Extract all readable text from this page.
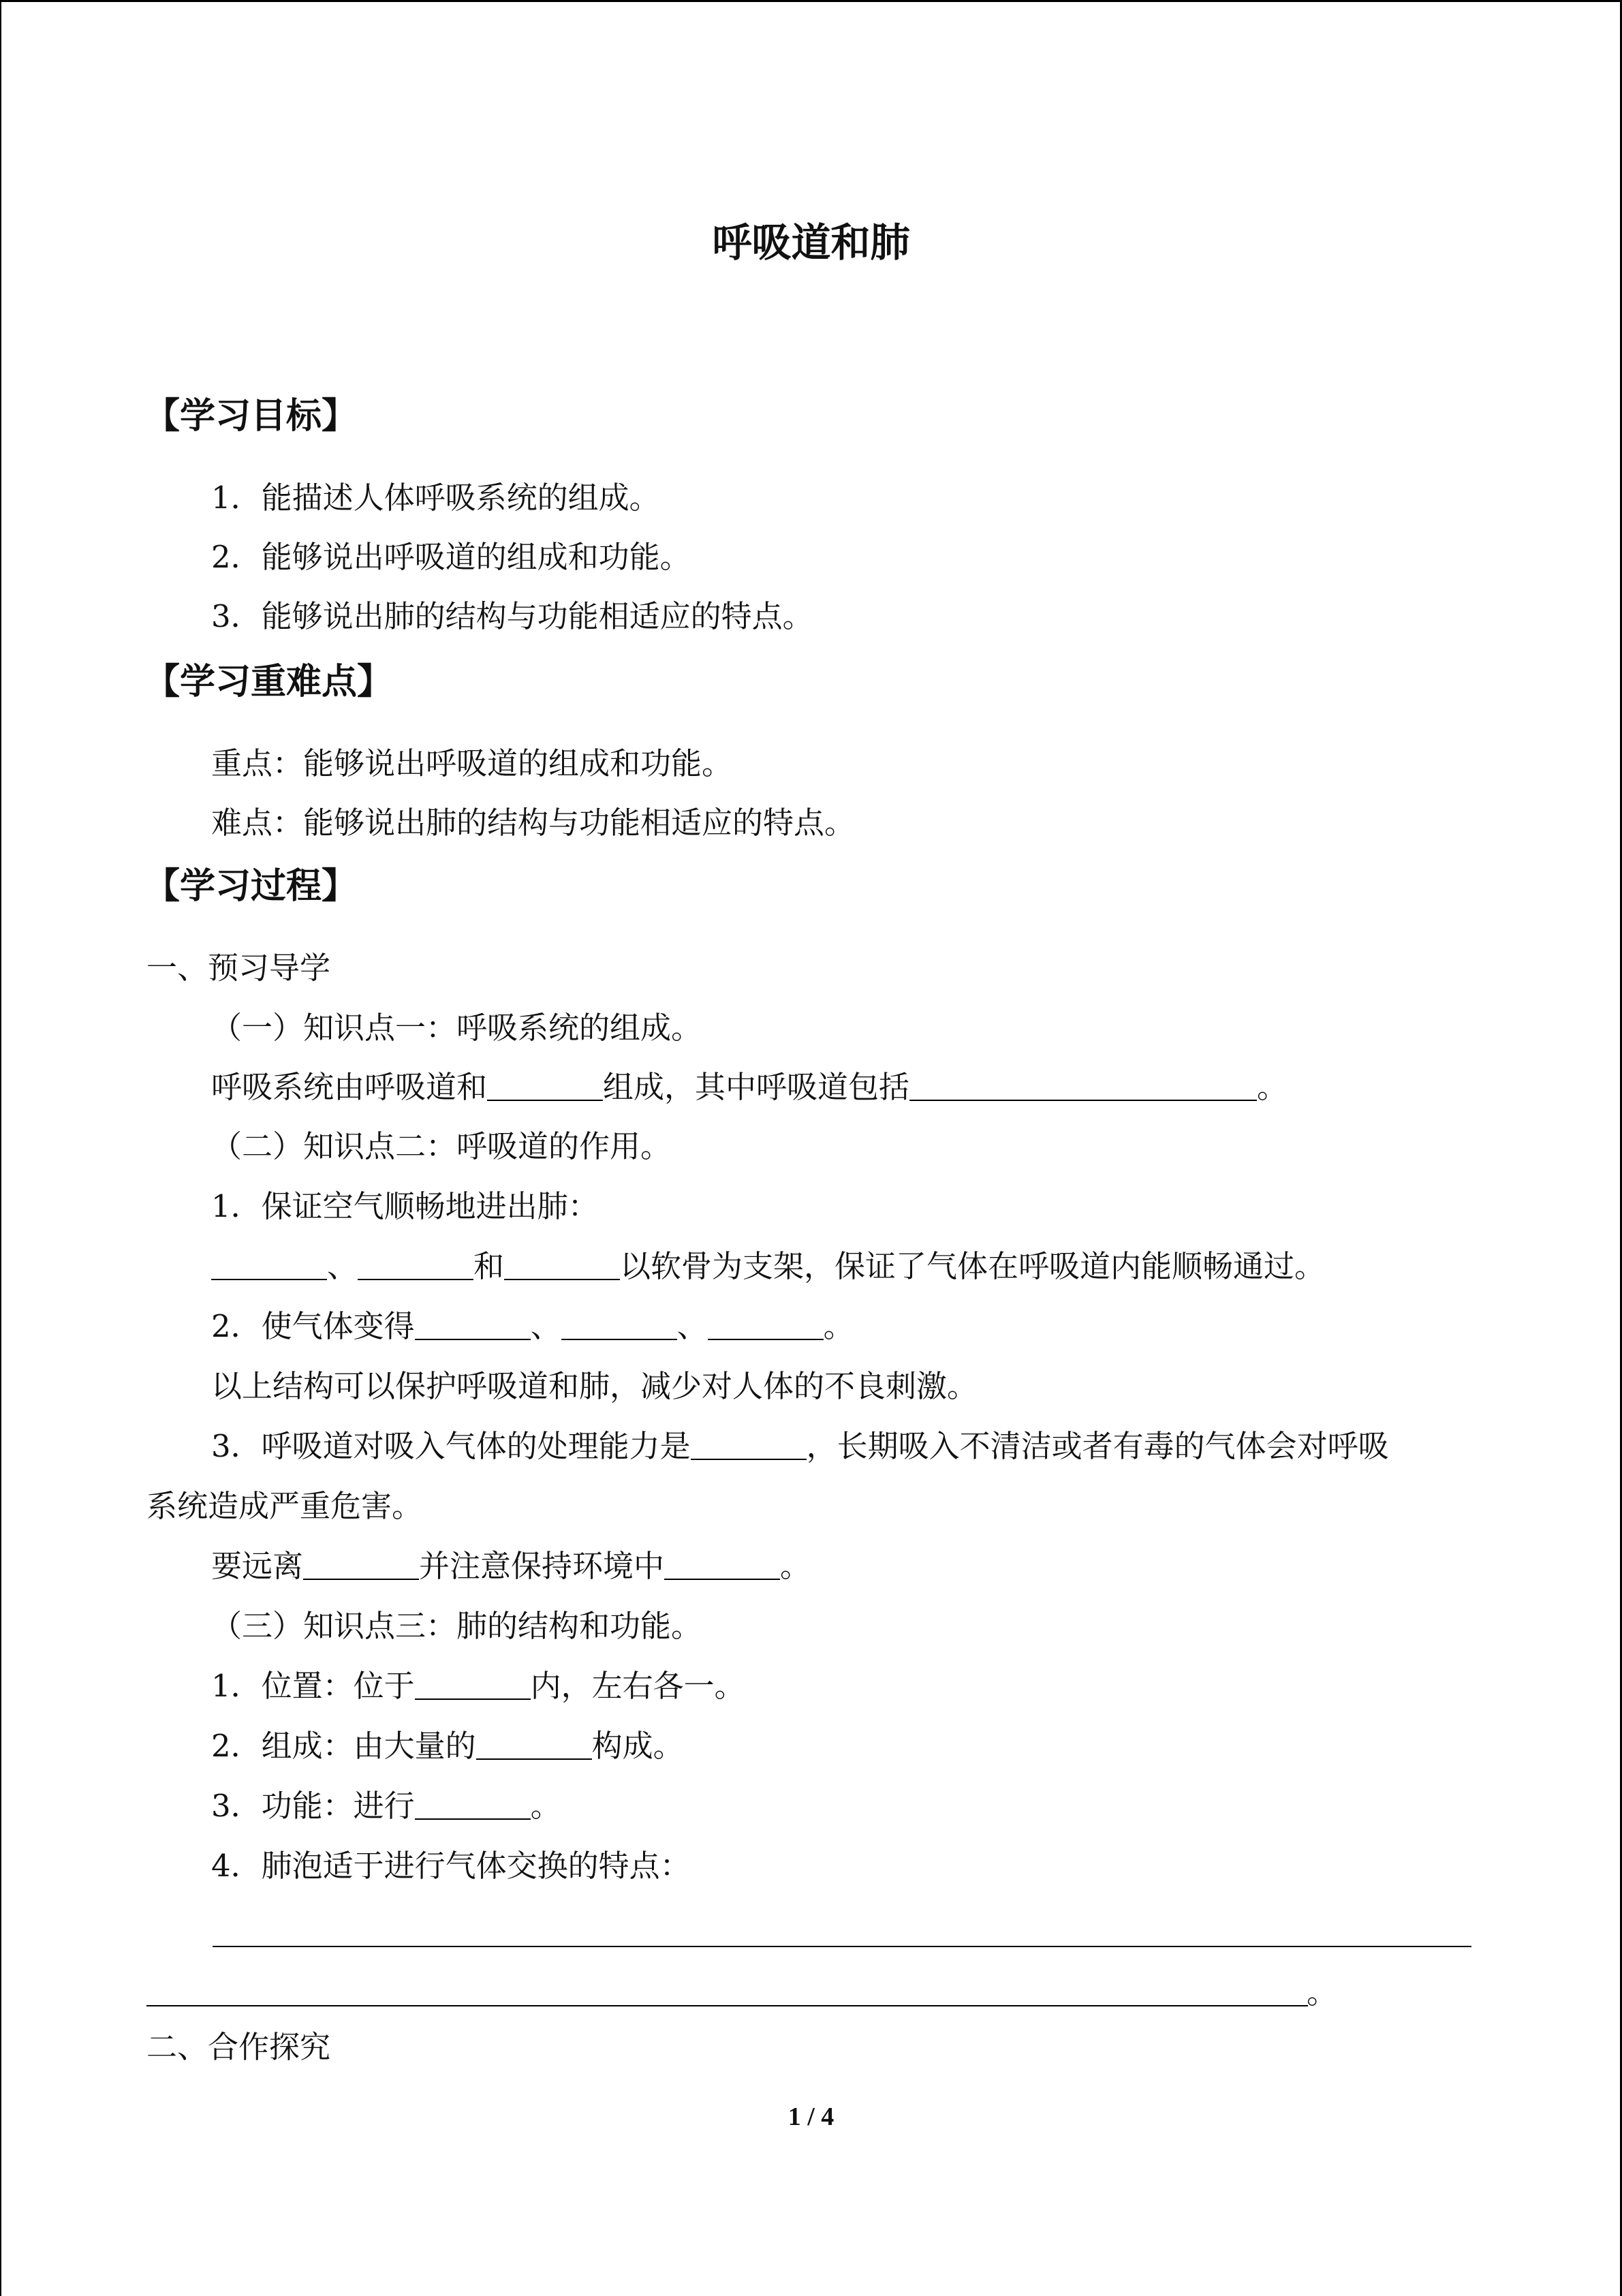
呼吸道和肺
【学习目标】
1．能描述人体呼吸系统的组成。
2．能够说出呼吸道的组成和功能。
3．能够说出肺的结构与功能相适应的特点。
【学习重难点】
重点：能够说出呼吸道的组成和功能。
难点：能够说出肺的结构与功能相适应的特点。
【学习过程】
一、预习导学
（一）知识点一：呼吸系统的组成。
呼吸系统由呼吸道和	组成，其中呼吸道包括	。
（二）知识点二：呼吸道的作用。
1．保证空气顺畅地进出肺：
、	和	以软骨为支架，保证了气体在呼吸道内能顺畅通过。
2．使气体变得	、	、	。
以上结构可以保护呼吸道和肺，减少对人体的不良刺激。
3．呼吸道对吸入气体的处理能力是	，长期吸入不清洁或者有毒的气体会对呼吸
系统造成严重危害。
要远离	并注意保持环境中	。
（三）知识点三：肺的结构和功能。
1．位置：位于	内，左右各一。
2．组成：由大量的	构成。
3．功能：进行	。
4．肺泡适于进行气体交换的特点：
。
二、合作探究
1 / 4
